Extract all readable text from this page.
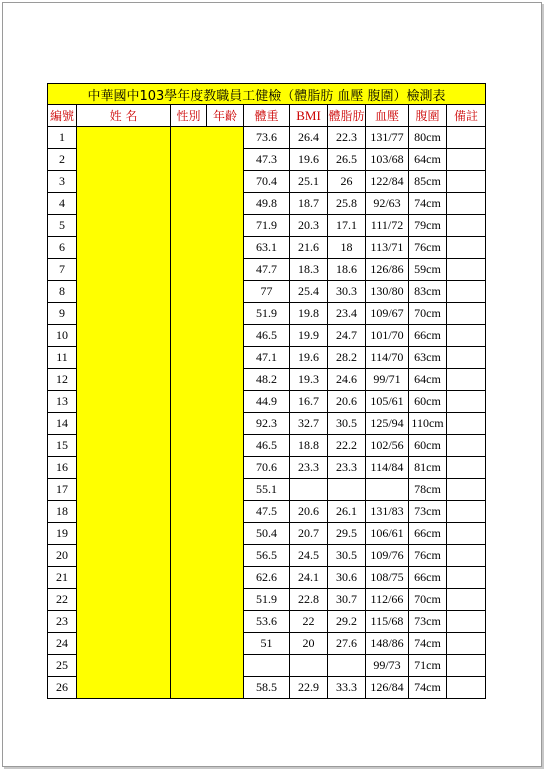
中華國中103學年度教職員工健檢（體脂肪 血壓 腹圍）檢測表									
編號	姓 名	性別	年齡	體重	BMI	體脂肪	血壓	腹圍	備註
1				73.6	26.4	22.3	131/77	80cm	
2				47.3	19.6	26.5	103/68	64cm	
3				70.4	25.1	26	122/84	85cm	
4				49.8	18.7	25.8	92/63	74cm	
5				71.9	20.3	17.1	111/72	79cm	
6				63.1	21.6	18	113/71	76cm	
7				47.7	18.3	18.6	126/86	59cm	
8				77	25.4	30.3	130/80	83cm	
9				51.9	19.8	23.4	109/67	70cm	
10				46.5	19.9	24.7	101/70	66cm	
11				47.1	19.6	28.2	114/70	63cm	
12				48.2	19.3	24.6	99/71	64cm	
13				44.9	16.7	20.6	105/61	60cm	
14				92.3	32.7	30.5	125/94	110cm	
15				46.5	18.8	22.2	102/56	60cm	
16				70.6	23.3	23.3	114/84	81cm	
17				55.1				78cm	
18				47.5	20.6	26.1	131/83	73cm	
19				50.4	20.7	29.5	106/61	66cm	
20				56.5	24.5	30.5	109/76	76cm	
21				62.6	24.1	30.6	108/75	66cm	
22				51.9	22.8	30.7	112/66	70cm	
23				53.6	22	29.2	115/68	73cm	
24				51	20	27.6	148/86	74cm	
25							99/73	71cm	
26				58.5	22.9	33.3	126/84	74cm	
